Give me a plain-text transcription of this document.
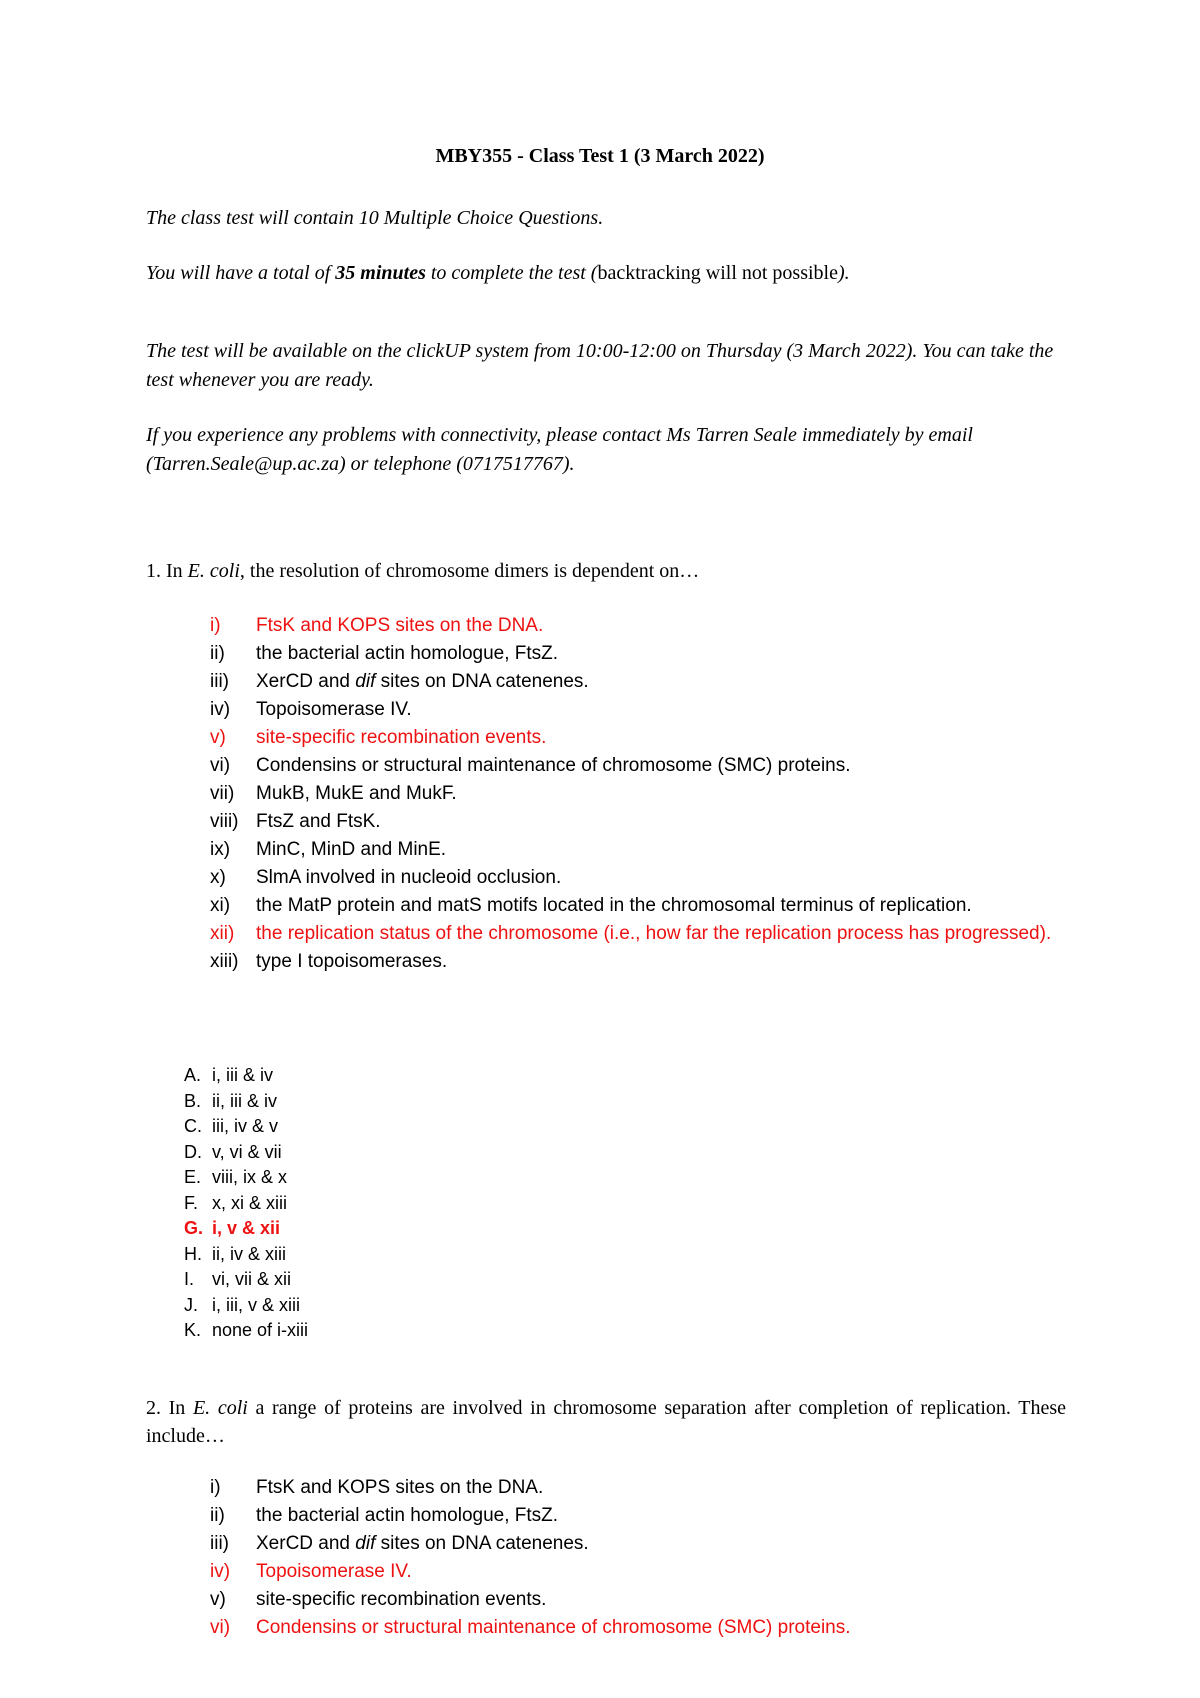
MBY355 - Class Test 1 (3 March 2022)

The class test will contain 10 Multiple Choice Questions.

You will have a total of 35 minutes to complete the test (backtracking will not possible).

The test will be available on the clickUP system from 10:00-12:00 on Thursday (3 March 2022). You can take the test whenever you are ready.

If you experience any problems with connectivity, please contact Ms Tarren Seale immediately by email (Tarren.Seale@up.ac.za) or telephone (0717517767).

1. In E. coli, the resolution of chromosome dimers is dependent on…

i)	FtsK and KOPS sites on the DNA.
ii)	the bacterial actin homologue, FtsZ.
iii)	XerCD and dif sites on DNA catenenes.
iv)	Topoisomerase IV.
v)	site-specific recombination events.
vi)	Condensins or structural maintenance of chromosome (SMC) proteins.
vii)	MukB, MukE and MukF.
viii) FtsZ and FtsK.
ix)	MinC, MinD and MinE.
x)	SlmA involved in nucleoid occlusion.
xi)	the MatP protein and matS motifs located in the chromosomal terminus of replication.
xii)	the replication status of the chromosome (i.e., how far the replication process has progressed).
xiii) type I topoisomerases.
A. i, iii & iv
B. ii, iii & iv
C. iii, iv & v
D. v, vi & vii
E. viii, ix & x
F. x, xi & xiii
G. i, v & xii
H. ii, iv & xiii
I. vi, vii & xii
J. i, iii, v & xiii
K. none of i-xiii

2. In E. coli a range of proteins are involved in chromosome separation after completion of replication. These include…

i)	FtsK and KOPS sites on the DNA.
ii)	the bacterial actin homologue, FtsZ.
iii)	XerCD and dif sites on DNA catenenes.
iv)	Topoisomerase IV.
v)	site-specific recombination events.
vi)	Condensins or structural maintenance of chromosome (SMC) proteins.
